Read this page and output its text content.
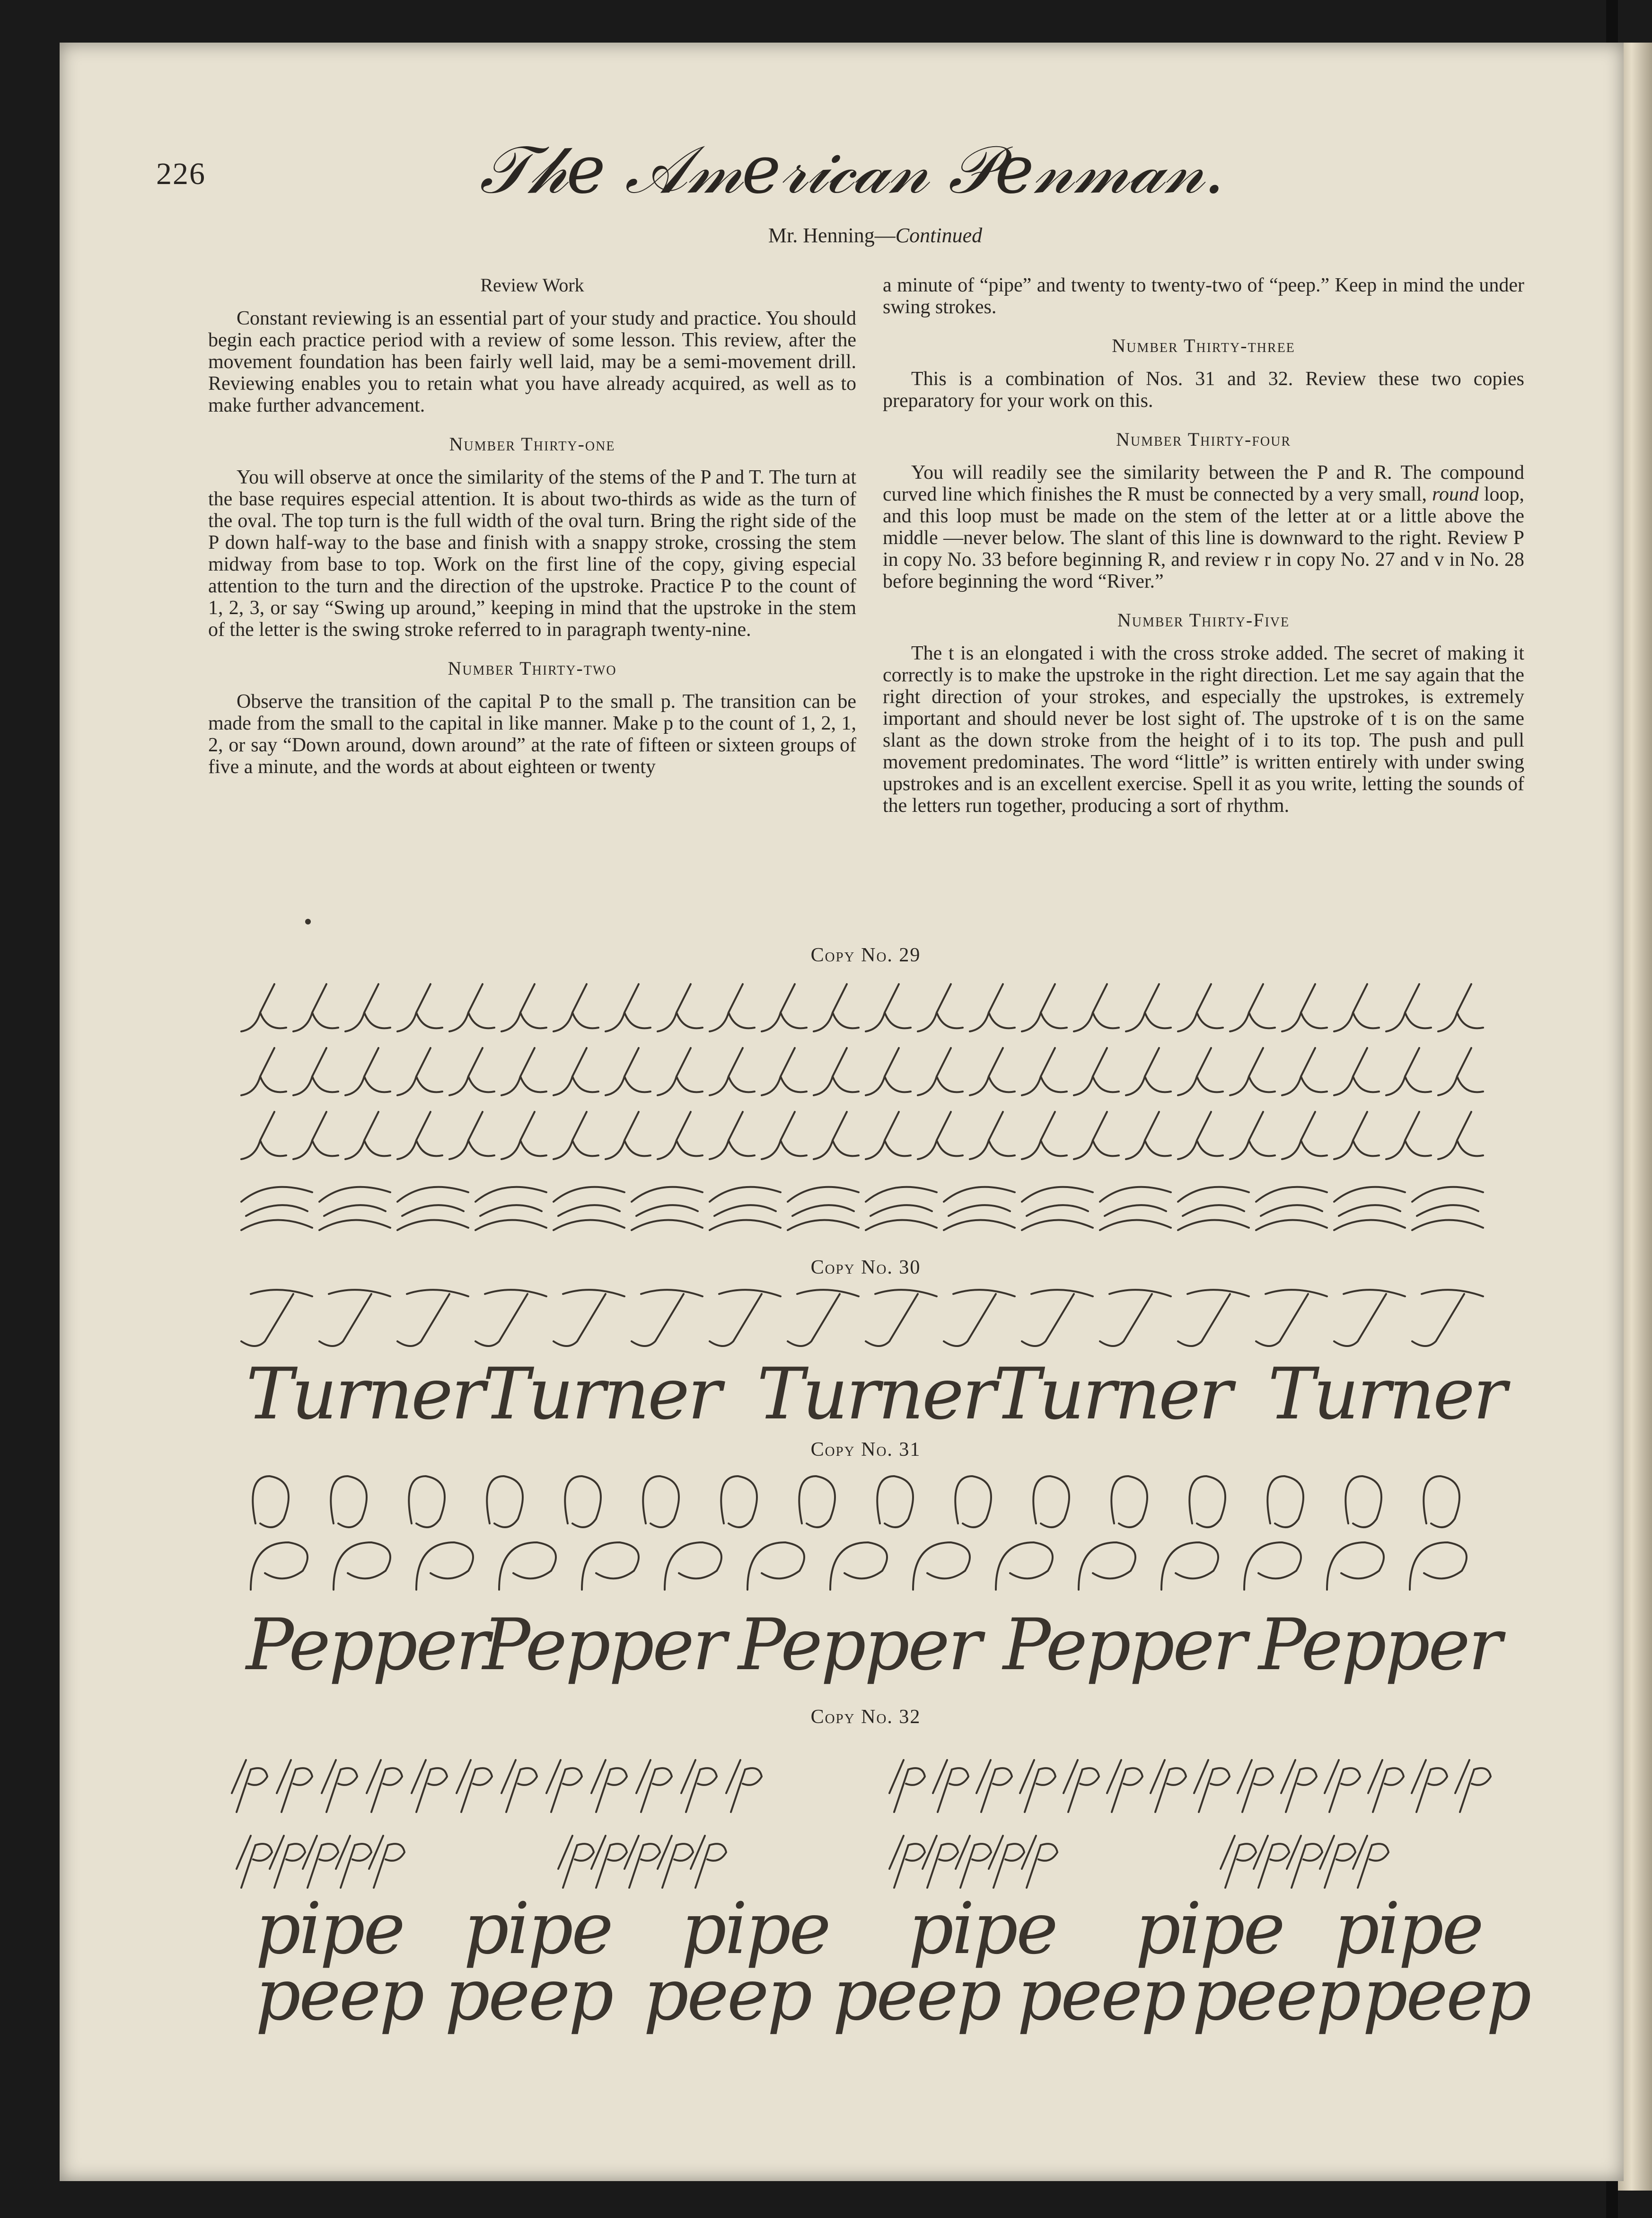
226	𝒯𝒽𝑒 𝒜𝓂𝑒𝓇𝒾𝒸𝒶𝓃 𝒫𝑒𝓃𝓂𝒶𝓃.
Mr. Henning—Continued
Review Work

Constant reviewing is an essential part of your study and practice. You should begin each practice period with a review of some lesson. This review, after the movement foundation has been fairly well laid, may be a semi-movement drill. Reviewing enables you to retain what you have already acquired, as well as to make further advancement.

Number Thirty-one

You will observe at once the similarity of the stems of the P and T. The turn at the base requires especial attention. It is about two-thirds as wide as the turn of the oval. The top turn is the full width of the oval turn. Bring the right side of the P down half-way to the base and finish with a snappy stroke, crossing the stem midway from base to top. Work on the first line of the copy, giving especial attention to the turn and the direction of the upstroke. Practice P to the count of 1, 2, 3, or say “Swing up around,” keeping in mind that the upstroke in the stem of the letter is the swing stroke referred to in paragraph twenty-nine.

Number Thirty-two

Observe the transition of the capital P to the small p. The transition can be made from the small to the capital in like manner. Make p to the count of 1, 2, 1, 2, or say “Down around, down around” at the rate of fifteen or sixteen groups of five a minute, and the words at about eighteen or twenty

a minute of “pipe” and twenty to twenty-two of “peep.” Keep in mind the under swing strokes.

Number Thirty-three

This is a combination of Nos. 31 and 32. Review these two copies preparatory for your work on this.

Number Thirty-four

You will readily see the similarity between the P and R. The compound curved line which finishes the R must be connected by a very small, round loop, and this loop must be made on the stem of the letter at or a little above the middle —never below. The slant of this line is downward to the right. Review P in copy No. 33 before beginning R, and review r in copy No. 27 and v in No. 28 before beginning the word “River.”

Number Thirty-Five

The t is an elongated i with the cross stroke added. The secret of making it correctly is to make the upstroke in the right direction. Let me say again that the right direction of your strokes, and especially the upstrokes, is extremely important and should never be lost sight of. The upstroke of t is on the same slant as the down stroke from the height of i to its top. The push and pull movement predominates. The word “little” is written entirely with under swing upstrokes and is an excellent exercise. Spell it as you write, letting the sounds of the letters run together, producing a sort of rhythm.

Copy No. 29
Copy No. 30
Turner
Turner Turner
Turner Turner
Copy No. 31
Pepper
Pepper Pepper Pepper Pepper
Copy No. 32
pipe pipe pipe pipe pipe pipe
peep peep peep peep peep peep peep
